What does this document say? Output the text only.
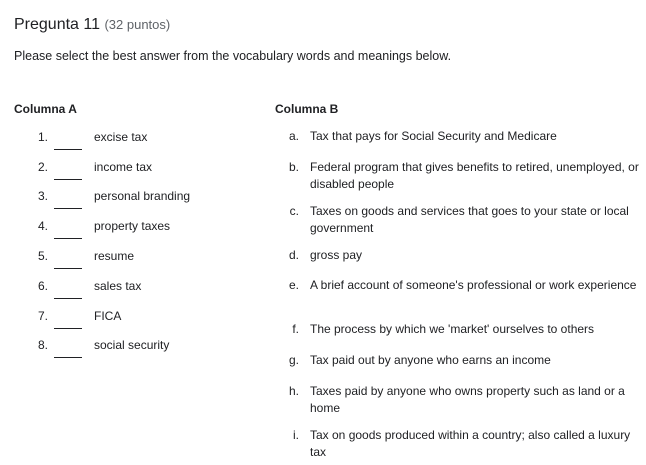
Pregunta 11 (32 puntos)
Please select the best answer from the vocabulary words and meanings below.
Columna A	Columna B
1.	excise tax
2.	income tax
3.	personal branding
4.	property taxes
5.	resume
6.	sales tax
7.	FICA
8.	social security
a. Tax that pays for Social Security and Medicare
b. Federal program that gives benefits to retired, unemployed, or disabled people
c. Taxes on goods and services that goes to your state or local government
d. gross pay
e. A brief account of someone's professional or work experience
f. The process by which we 'market' ourselves to others
g. Tax paid out by anyone who earns an income
h. Taxes paid by anyone who owns property such as land or a home
i. Tax on goods produced within a country; also called a luxury tax
